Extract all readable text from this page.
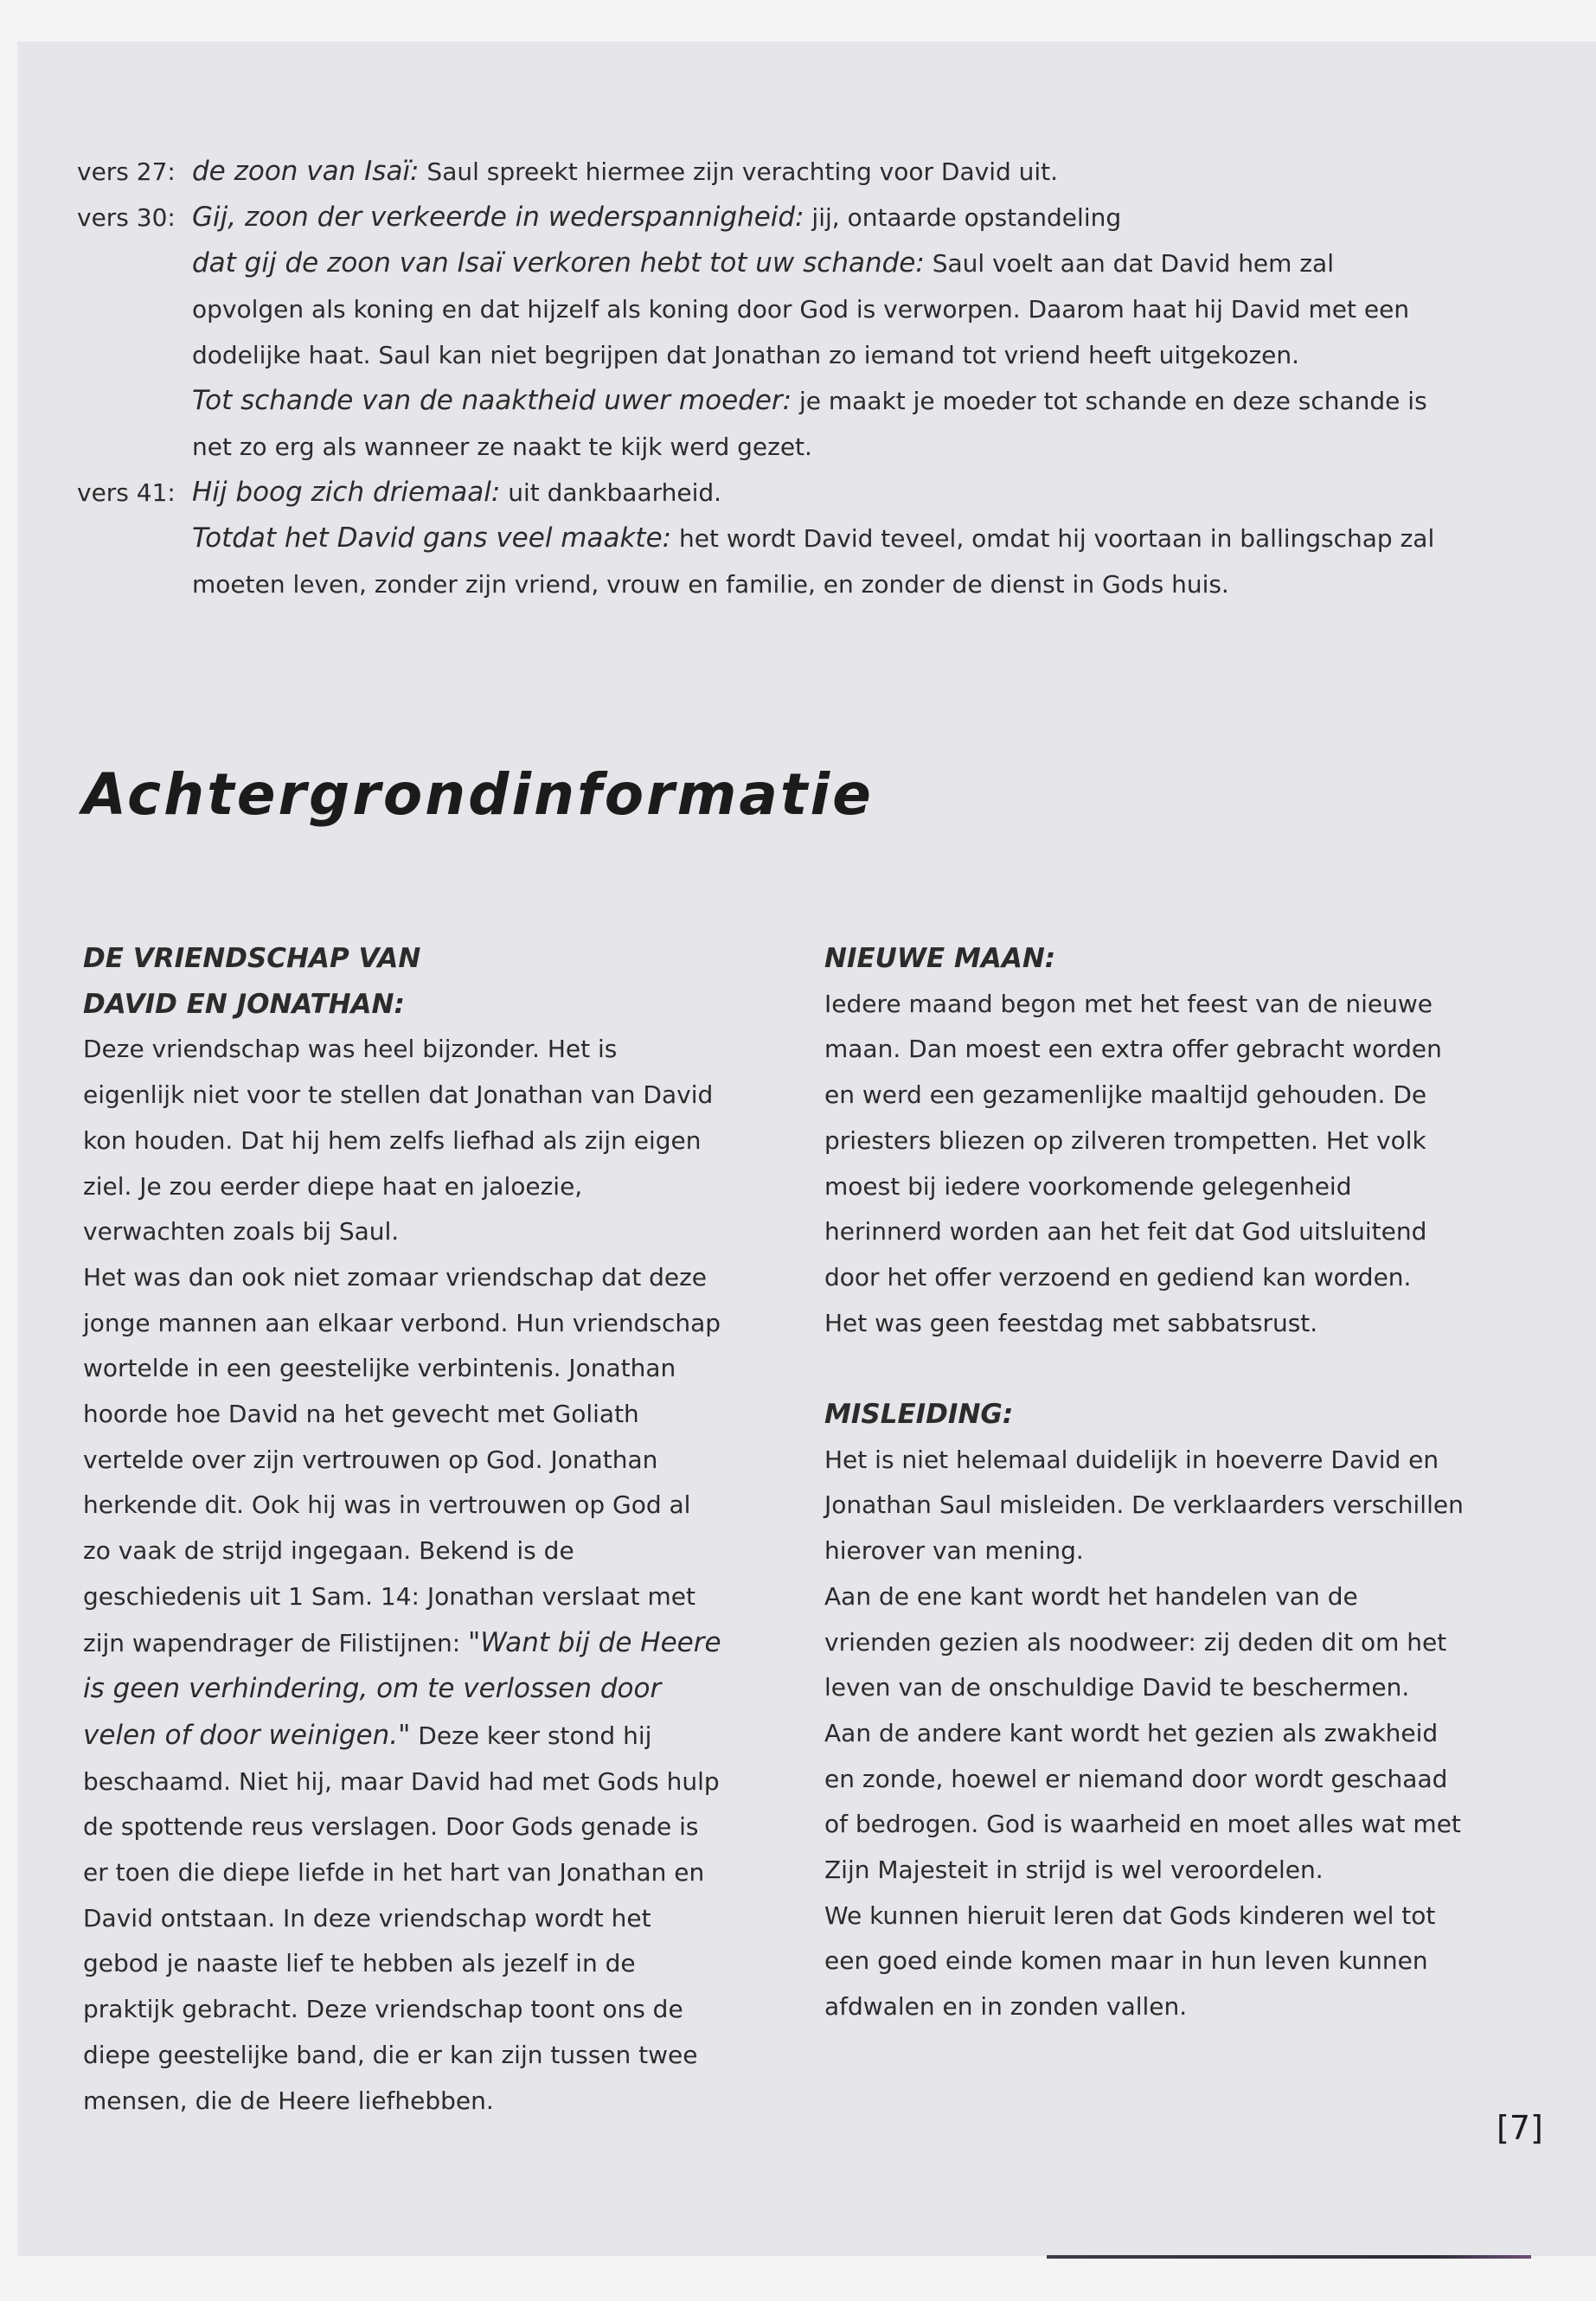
vers 27: de zoon van Isaï: Saul spreekt hiermee zijn verachting voor David uit.

vers 30: Gij, zoon der verkeerde in wederspannigheid: jij, ontaarde opstandeling

dat gij de zoon van Isaï verkoren hebt tot uw schande: Saul voelt aan dat David hem zal opvolgen als koning en dat hijzelf als koning door God is verworpen. Daarom haat hij David met een dodelijke haat. Saul kan niet begrijpen dat Jonathan zo iemand tot vriend heeft uitgekozen.

Tot schande van de naaktheid uwer moeder: je maakt je moeder tot schande en deze schande is net zo erg als wanneer ze naakt te kijk werd gezet.

vers 41: Hij boog zich driemaal: uit dankbaarheid.

Totdat het David gans veel maakte: het wordt David teveel, omdat hij voortaan in ballingschap zal moeten leven, zonder zijn vriend, vrouw en familie, en zonder de dienst in Gods huis.

Achtergrondinformatie
DE VRIENDSCHAP VAN
DAVID EN JONATHAN:

Deze vriendschap was heel bijzonder. Het is eigenlijk niet voor te stellen dat Jonathan van David kon houden. Dat hij hem zelfs liefhad als zijn eigen ziel. Je zou eerder diepe haat en jaloezie, verwachten zoals bij Saul.

Het was dan ook niet zomaar vriendschap dat deze jonge mannen aan elkaar verbond. Hun vriendschap wortelde in een geestelijke verbintenis. Jonathan hoorde hoe David na het gevecht met Goliath vertelde over zijn vertrouwen op God. Jonathan herkende dit. Ook hij was in vertrouwen op God al zo vaak de strijd ingegaan. Bekend is de geschiedenis uit 1 Sam. 14: Jonathan verslaat met zijn wapendrager de Filistijnen: "Want bij de Heere is geen verhindering, om te verlossen door velen of door weinigen." Deze keer stond hij beschaamd. Niet hij, maar David had met Gods hulp de spottende reus verslagen. Door Gods genade is er toen die diepe liefde in het hart van Jonathan en David ontstaan. In deze vriendschap wordt het gebod je naaste lief te hebben als jezelf in de praktijk gebracht. Deze vriendschap toont ons de diepe geestelijke band, die er kan zijn tussen twee mensen, die de Heere liefhebben.

NIEUWE MAAN:

Iedere maand begon met het feest van de nieuwe maan. Dan moest een extra offer gebracht worden en werd een gezamenlijke maaltijd gehouden. De priesters bliezen op zilveren trompetten. Het volk moest bij iedere voorkomende gelegenheid herinnerd worden aan het feit dat God uitsluitend door het offer verzoend en gediend kan worden.

Het was geen feestdag met sabbatsrust.

MISLEIDING:

Het is niet helemaal duidelijk in hoeverre David en Jonathan Saul misleiden. De verklaarders verschillen hierover van mening.

Aan de ene kant wordt het handelen van de vrienden gezien als noodweer: zij deden dit om het leven van de onschuldige David te beschermen.

Aan de andere kant wordt het gezien als zwakheid en zonde, hoewel er niemand door wordt geschaad of bedrogen. God is waarheid en moet alles wat met Zijn Majesteit in strijd is wel veroordelen.

We kunnen hieruit leren dat Gods kinderen wel tot een goed einde komen maar in hun leven kunnen afdwalen en in zonden vallen.

[7]
